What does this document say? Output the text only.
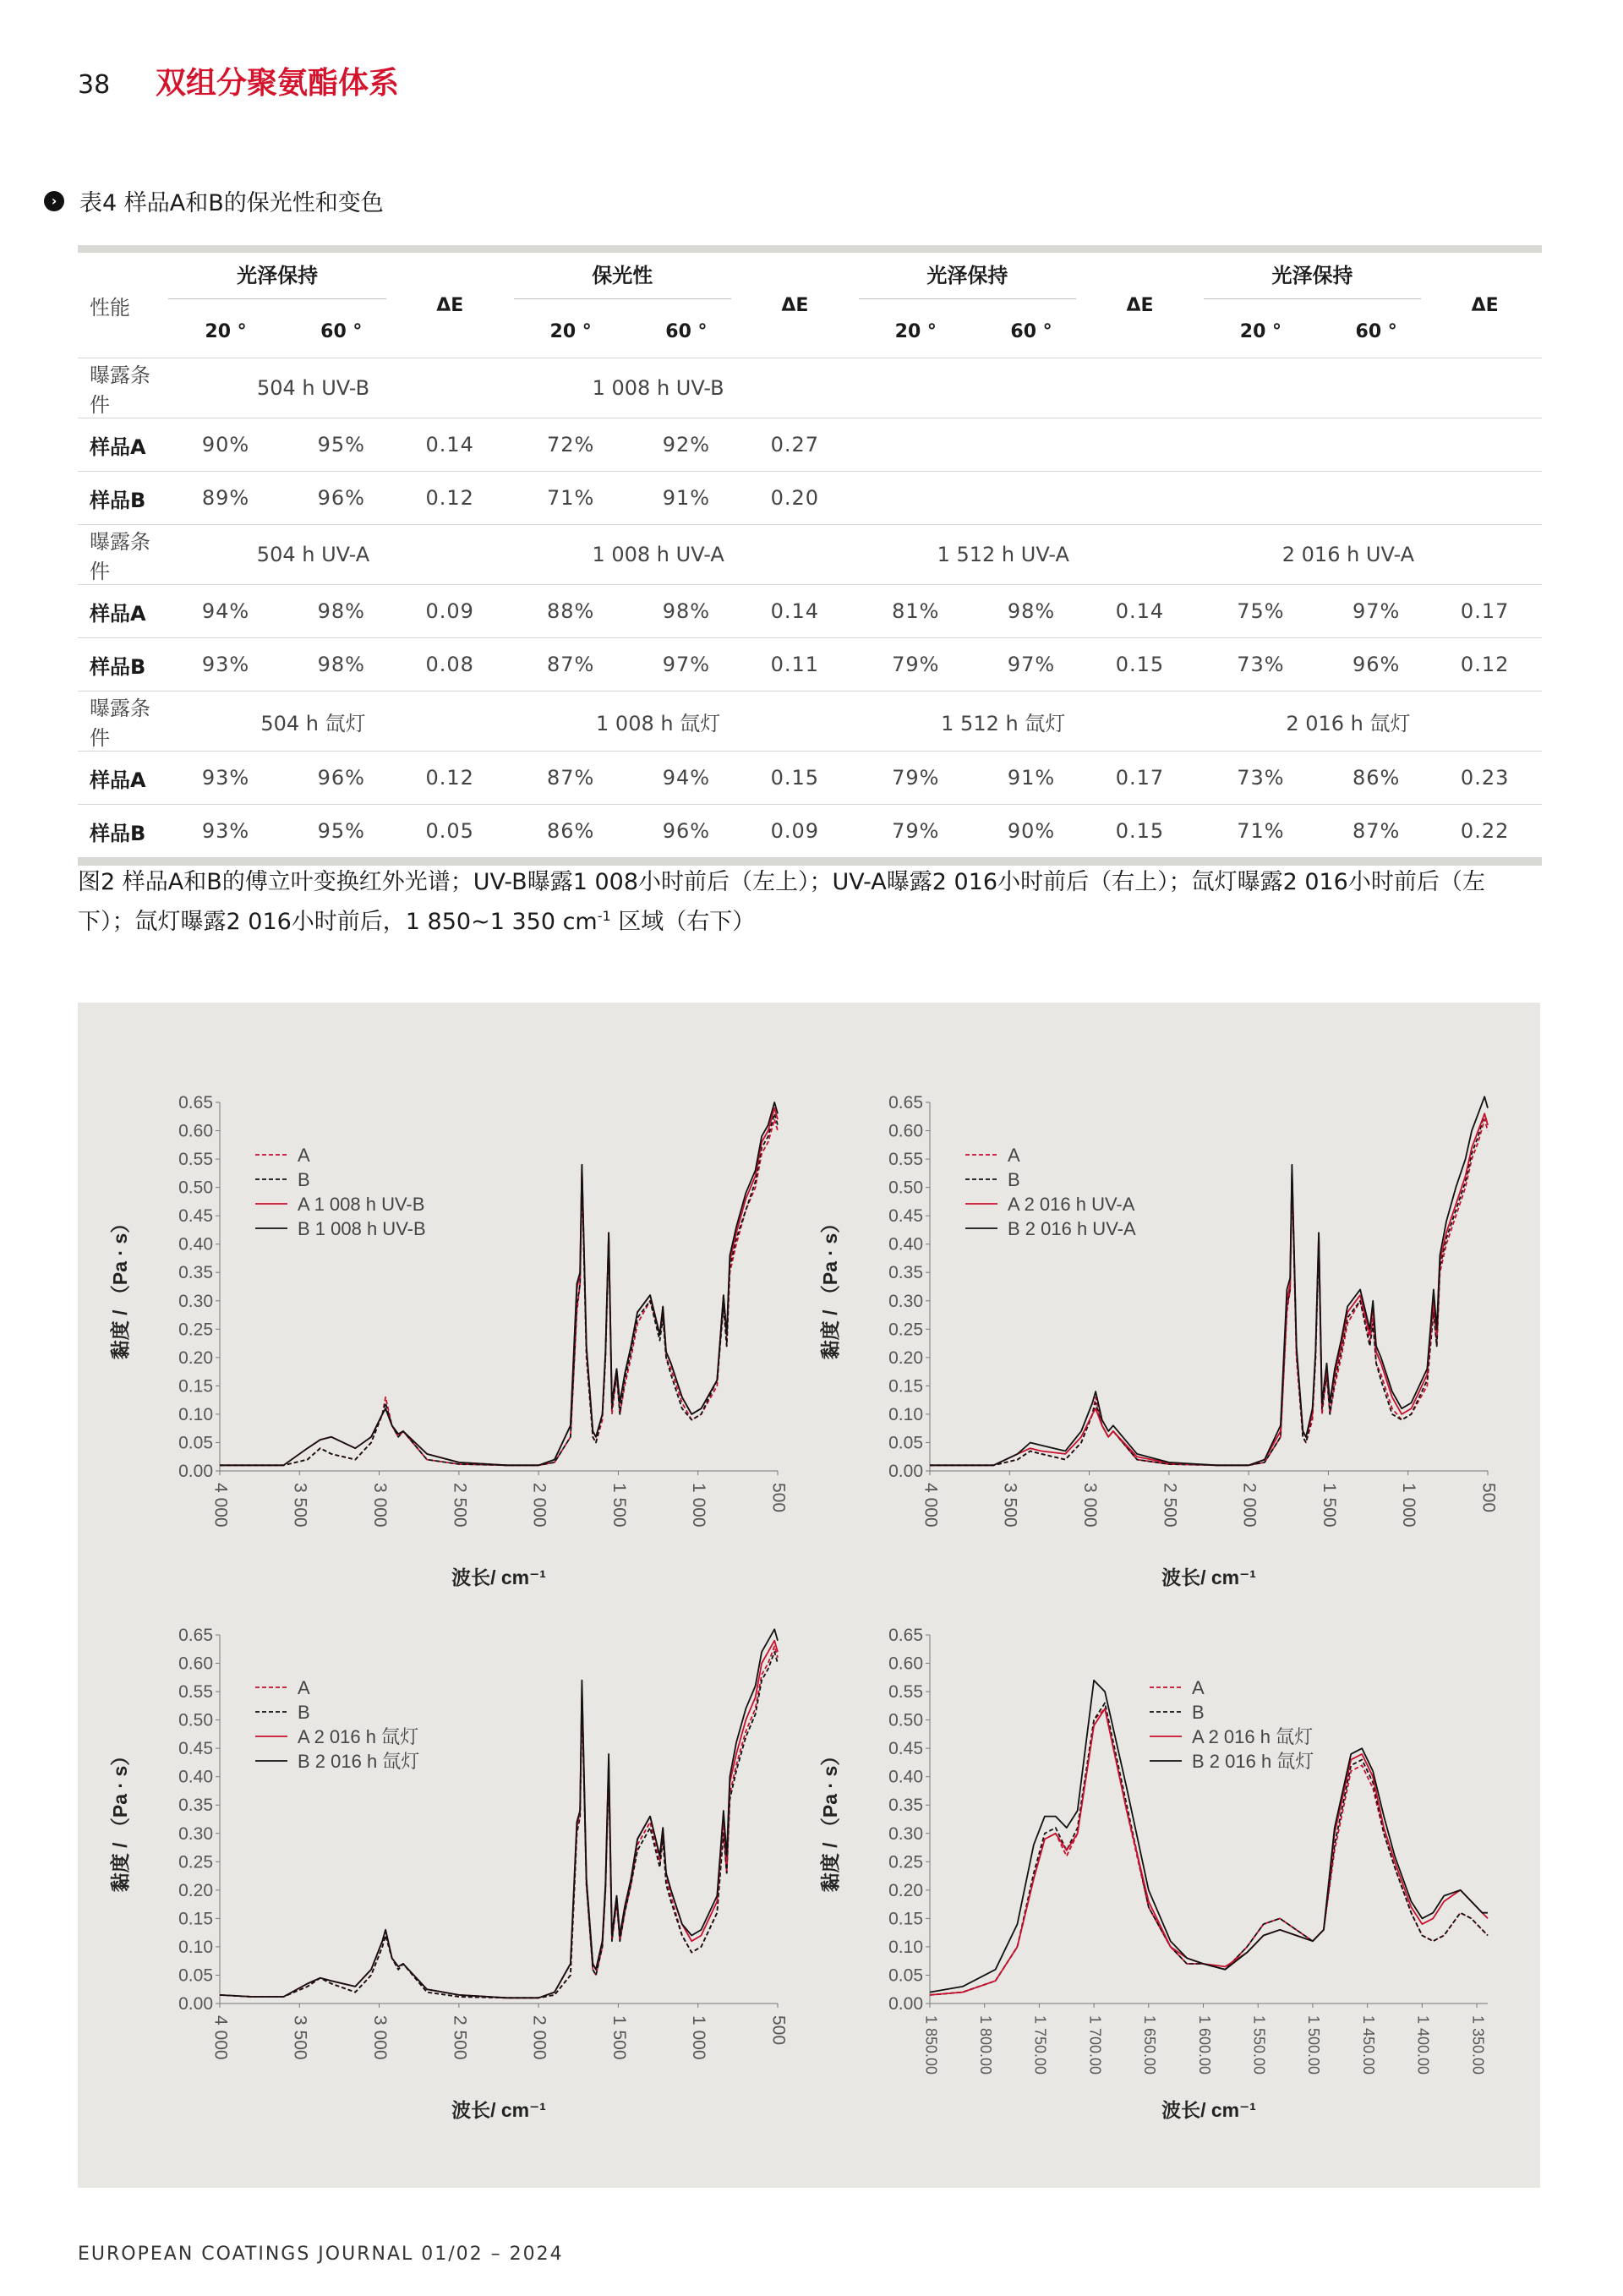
38	双组分聚氨酯体系
› 表4 样品A和B的保光性和变色
性能	光泽保持		ΔE	保光性		ΔE	光泽保持		ΔE	光泽保持		ΔE
	20 °	60 °		20 °	60 °		20 °	60 °		20 °	60 °	
曝露条件	504 h UV-B			1 008 h UV-B								
样品A	90%	95%	0.14	72%	92%	0.27						
样品B	89%	96%	0.12	71%	91%	0.20						
曝露条件	504 h UV-A			1 008 h UV-A			1 512 h UV-A			2 016 h UV-A		
样品A	94%	98%	0.09	88%	98%	0.14	81%	98%	0.14	75%	97%	0.17
样品B	93%	98%	0.08	87%	97%	0.11	79%	97%	0.15	73%	96%	0.12
曝露条件	504 h 氙灯			1 008 h 氙灯			1 512 h 氙灯			2 016 h 氙灯		
样品A	93%	96%	0.12	87%	94%	0.15	79%	91%	0.17	73%	86%	0.23
样品B	93%	95%	0.05	86%	96%	0.09	79%	90%	0.15	71%	87%	0.22
图2 样品A和B的傅立叶变换红外光谱；UV-B曝露1 008小时前后（左上）；UV-A曝露2 016小时前后（右上）；氙灯曝露2 016小时前后（左下）；氙灯曝露2 016小时前后，1 850~1 350 $cm^{-1}$ 区域（右下）
0.00
0.05
0.10
0.15
0.20
0.25
0.30
0.35
0.40
0.45
0.50
0.55
0.60
0.65
4 000	3 500	3 000	2 500	2 000	1 500	1 000	500
黏度 / （Pa · s）
波长/ cm⁻¹
A
B
A 1 008 h UV-B
B 1 008 h UV-B
0.00
0.05
0.10
0.15
0.20
0.25
0.30
0.35
0.40
0.45
0.50
0.55
0.60
0.65
4 000	3 500	3 000	2 500	2 000	1 500	1 000	500
黏度 / （Pa · s）
波长/ cm⁻¹
A
B
A 2 016 h UV-A
B 2 016 h UV-A
0.00
0.05
0.10
0.15
0.20
0.25
0.30
0.35
0.40
0.45
0.50
0.55
0.60
0.65
4 000	3 500	3 000	2 500	2 000	1 500	1 000	500
黏度 / （Pa · s）
波长/ cm⁻¹
A
B
A 2 016 h 氙灯
B 2 016 h 氙灯
0.00
0.05
0.10
0.15
0.20
0.25
0.30
0.35
0.40
0.45
0.50
0.55
0.60
0.65
1 850.00 1 800.00 1 750.00 1 700.00 1 650.00 1 600.00 1 550.00 1 500.00 1 450.00 1 400.00 1 350.00
黏度 / （Pa · s）
波长/ cm⁻¹
A
B
A 2 016 h 氙灯
B 2 016 h 氙灯
EUROPEAN COATINGS JOURNAL 01/02 – 2024
